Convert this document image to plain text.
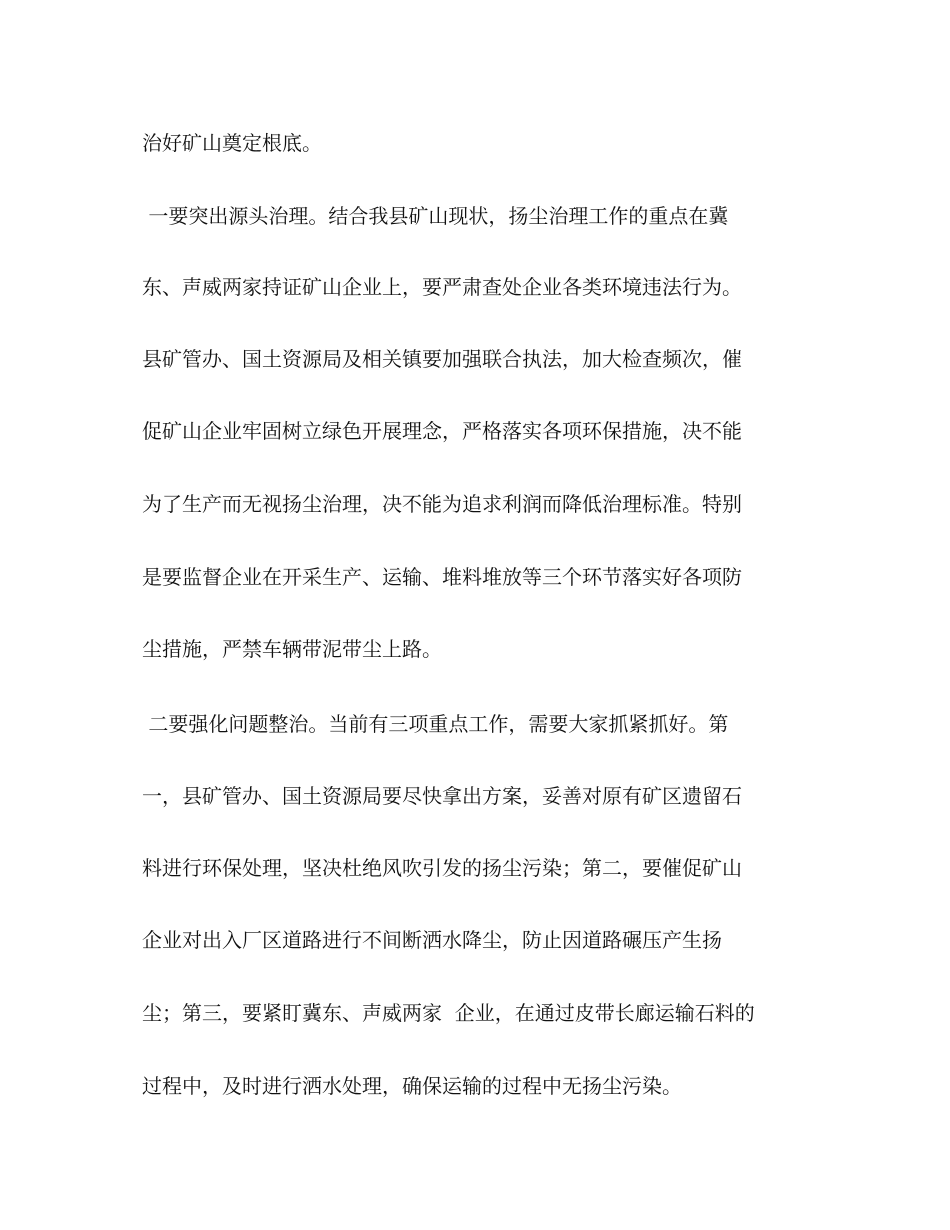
治好矿山奠定根底。

一要突出源头治理。结合我县矿山现状，扬尘治理工作的重点在冀

东、声威两家持证矿山企业上，要严肃查处企业各类环境违法行为。

县矿管办、国土资源局及相关镇要加强联合执法，加大检查频次，催

促矿山企业牢固树立绿色开展理念，严格落实各项环保措施，决不能

为了生产而无视扬尘治理，决不能为追求利润而降低治理标准。特别

是要监督企业在开采生产、运输、堆料堆放等三个环节落实好各项防

尘措施，严禁车辆带泥带尘上路。

二要强化问题整治。当前有三项重点工作，需要大家抓紧抓好。第

一，县矿管办、国土资源局要尽快拿出方案，妥善对原有矿区遗留石

料进行环保处理，坚决杜绝风吹引发的扬尘污染；第二，要催促矿山

企业对出入厂区道路进行不间断洒水降尘，防止因道路碾压产生扬

尘；第三，要紧盯冀东、声威两家  企业，在通过皮带长廊运输石料的

过程中，及时进行洒水处理，确保运输的过程中无扬尘污染。
